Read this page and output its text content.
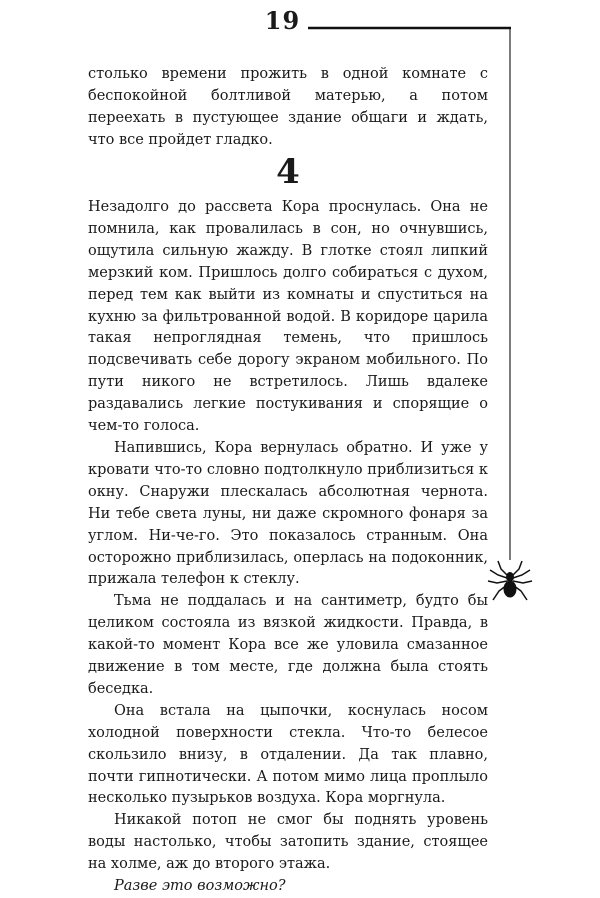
19

столько времени прожить в одной комнате с беспокойной болтливой матерью, а потом переехать в пустующее здание общаги и ждать, что все пройдет гладко.

4

Незадолго до рассвета Кора проснулась. Она не помнила, как провалилась в сон, но очнувшись, ощутила сильную жажду. В глотке стоял липкий мерзкий ком. Пришлось долго собираться с духом, перед тем как выйти из комнаты и спуститься на кухню за фильтрованной водой. В коридоре царила такая непроглядная темень, что пришлось подсвечивать себе дорогу экраном мобильного. По пути никого не встретилось. Лишь вдалеке раздавались легкие постукивания и спорящие о чем-то голоса.

Напившись, Кора вернулась обратно. И уже у кровати что-то словно подтолкнуло приблизиться к окну. Снаружи плескалась абсолютная чернота. Ни тебе света луны, ни даже скромного фонаря за углом. Ни-че-го. Это показалось странным. Она осторожно приблизилась, оперлась на подоконник, прижала телефон к стеклу.

Тьма не поддалась и на сантиметр, будто бы целиком состояла из вязкой жидкости. Правда, в какой-то момент Кора все же уловила смазанное движение в том месте, где должна была стоять беседка.

Она встала на цыпочки, коснулась носом холодной поверхности стекла. Что-то белесое скользило внизу, в отдалении. Да так плавно, почти гипнотически. А потом мимо лица проплыло несколько пузырьков воздуха. Кора моргнула.

Никакой потоп не смог бы поднять уровень воды настолько, чтобы затопить здание, стоящее на холме, аж до второго этажа.

Разве это возможно?
